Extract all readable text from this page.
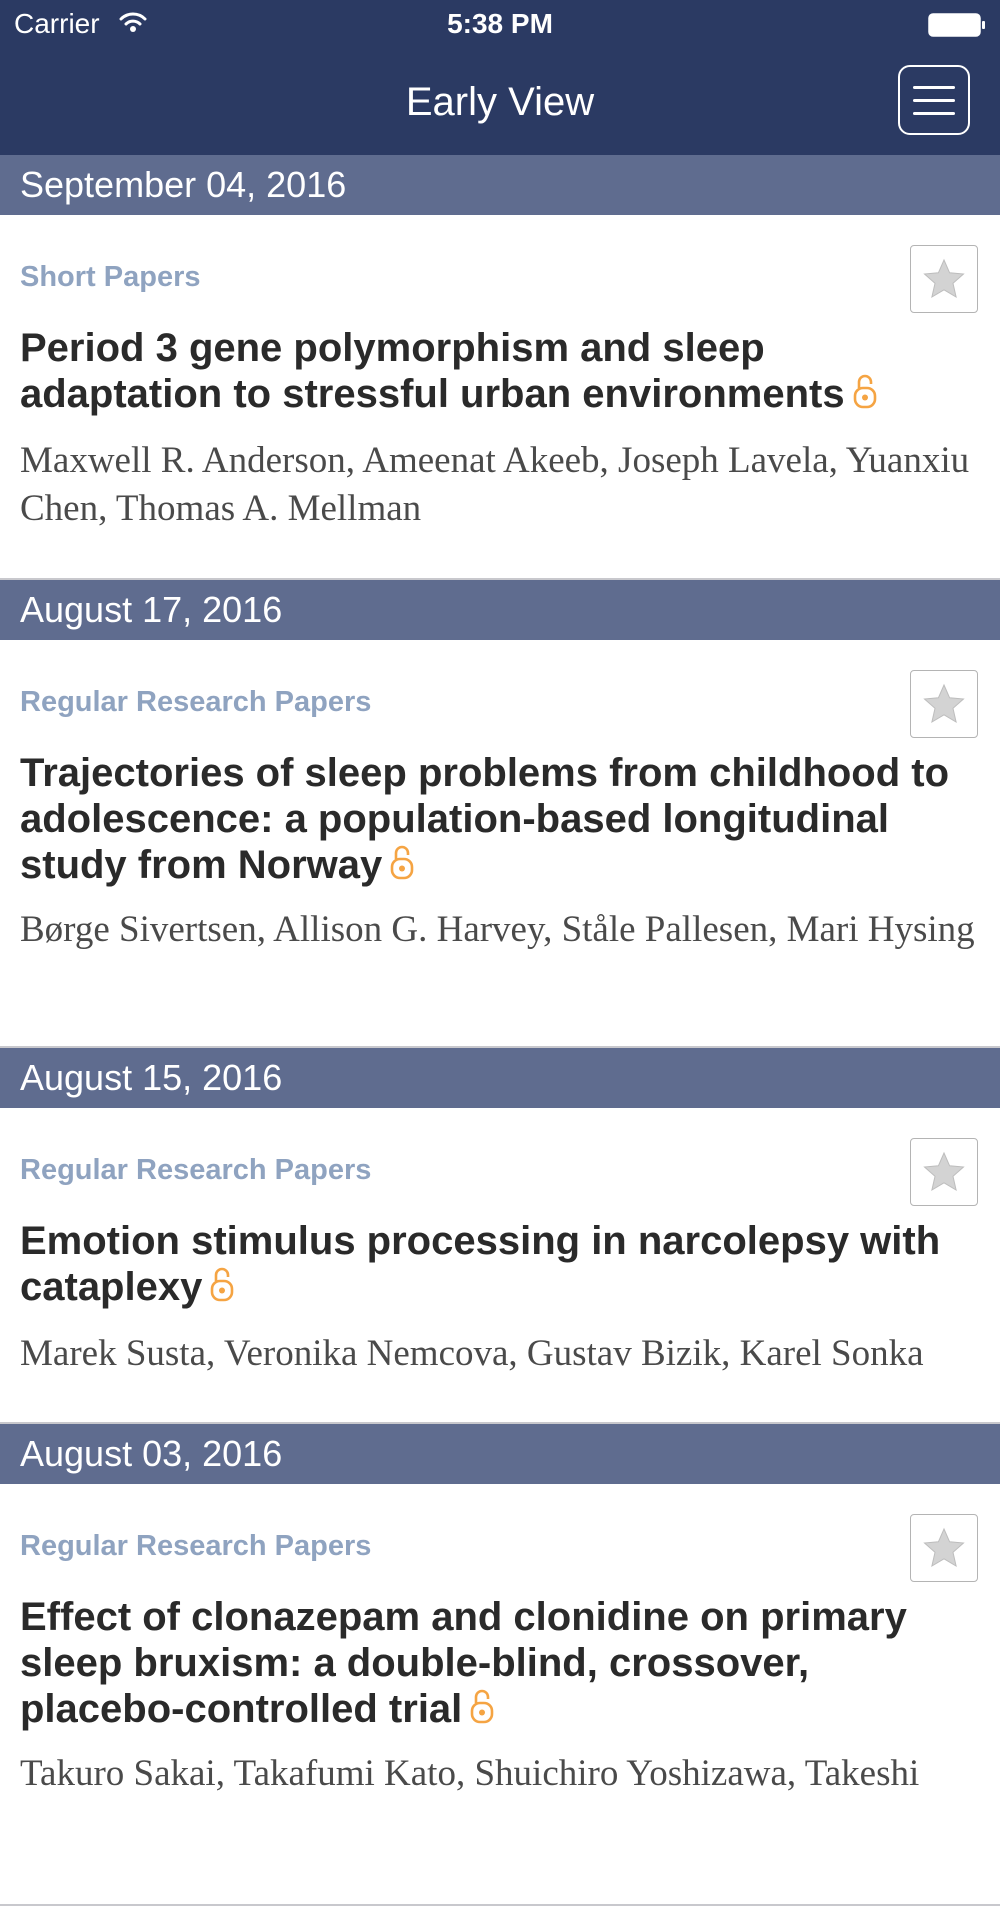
Carrier	5:38 PM
Early View
September 04, 2016
Short Papers
Period 3 gene polymorphism and sleep adaptation to stressful urban environments

Maxwell R. Anderson, Ameenat Akeeb, Joseph Lavela, Yuanxiu Chen, Thomas A. Mellman

August 17, 2016
Regular Research Papers
Trajectories of sleep problems from childhood to adolescence: a population-based longitudinal study from Norway

Børge Sivertsen, Allison G. Harvey, Ståle Pallesen, Mari Hysing

August 15, 2016
Regular Research Papers
Emotion stimulus processing in narcolepsy with cataplexy

Marek Susta, Veronika Nemcova, Gustav Bizik, Karel Sonka

August 03, 2016
Regular Research Papers
Effect of clonazepam and clonidine on primary sleep bruxism: a double-blind, crossover, placebo-controlled trial

Takuro Sakai, Takafumi Kato, Shuichiro Yoshizawa, Takeshi
